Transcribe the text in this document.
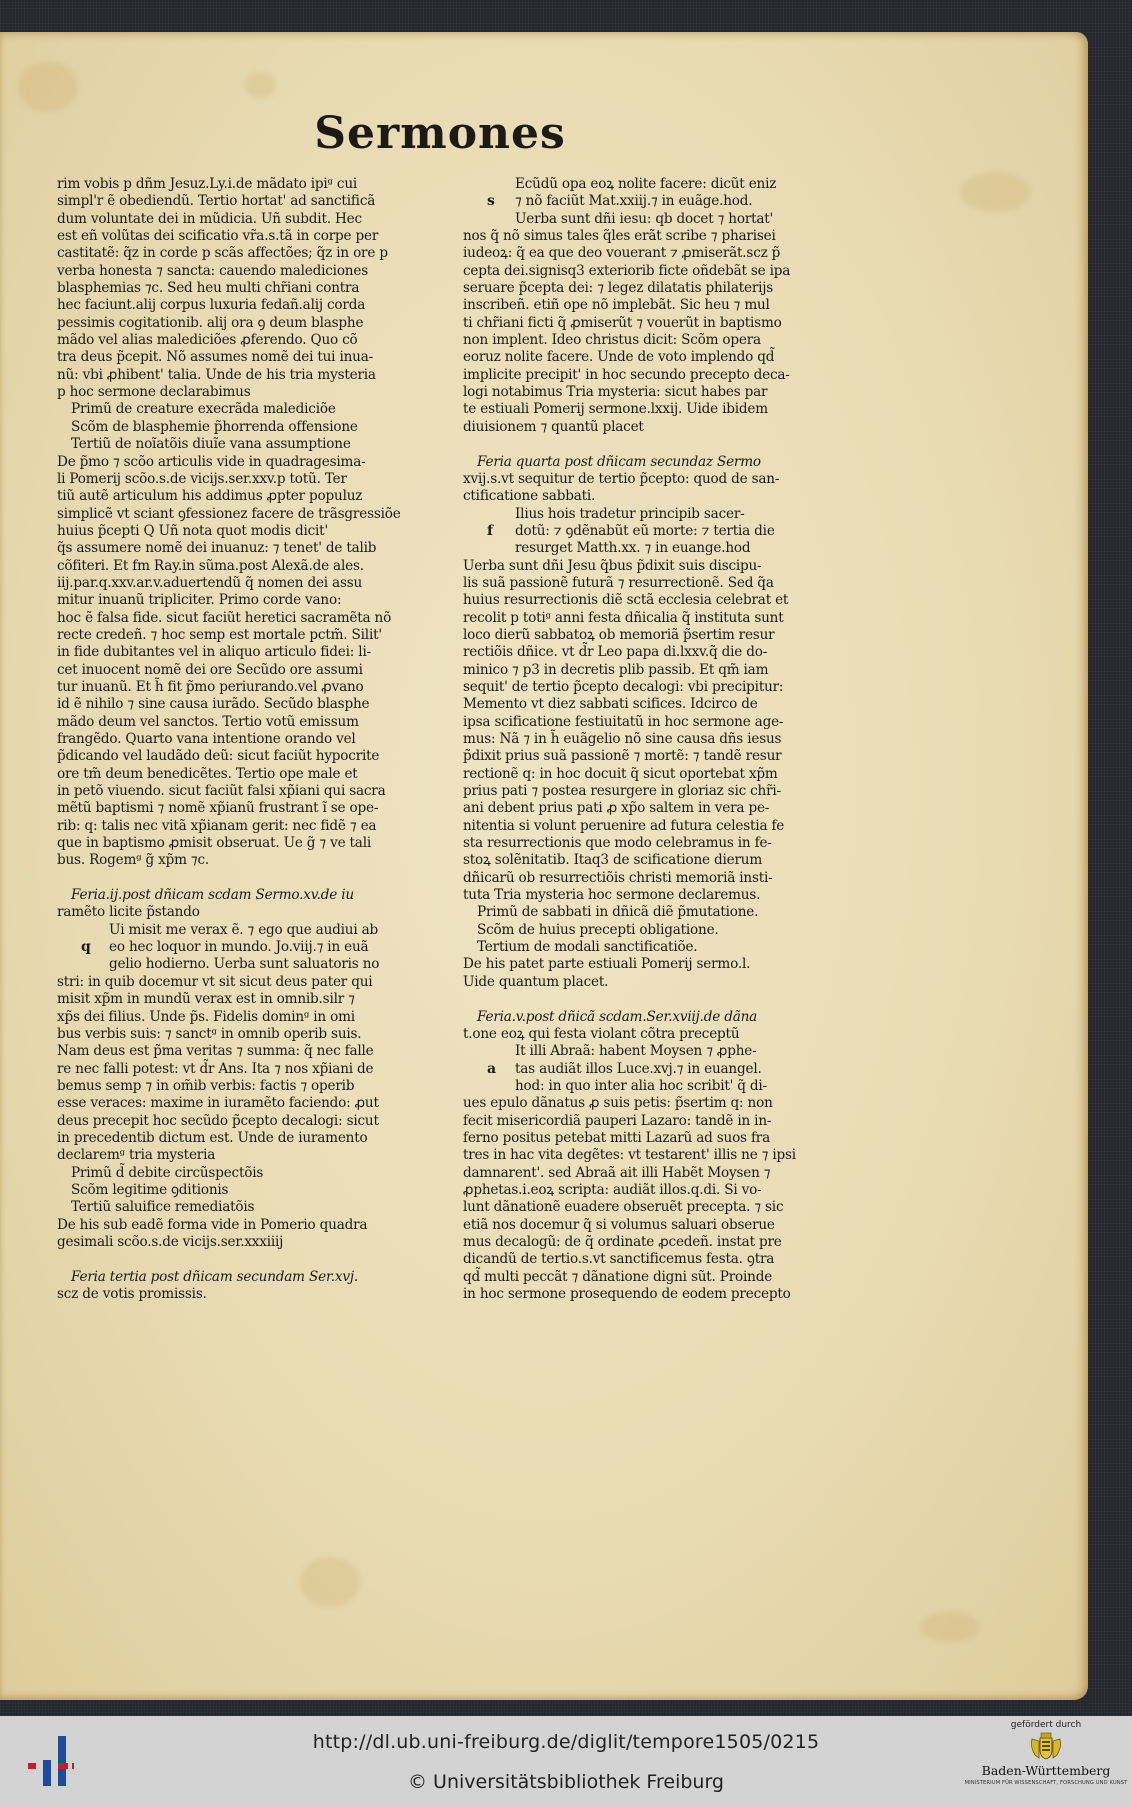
Sermones
rim vobis p dñm Jesuz.Ly.i.de mãdato ipiᵍ cui
simpl'r ẽ obediendũ. Tertio hortat' ad sanctificã
dum voluntate dei in mũdicia. Uñ subdit. Hec
est eñ volũtas dei scificatio vr̃a.s.tã in corpe per
castitatẽ: q̃z in corde p scãs affectões; q̃z in ore p
verba honesta ⁊ sancta: cauendo malediciones
blasphemias ⁊c. Sed heu multi chr̃iani contra
hec faciunt.alij corpus luxuria fedañ.alij corda
pessimis cogitationib. alij ora ꝯ deum blasphe
mãdo vel alias malediciões ꝓferendo. Quo cõ
tra deus p̃cepit. Nõ assumes nomẽ dei tui inua-
nũ: vbi ꝓhibent' talia. Unde de his tria mysteria
p hoc sermone declarabimus
Primũ de creature execrãda malediciõe
Scõm de blasphemie p̃horrenda offensione
Tertiũ de noĩatõis diuĩe vana assumptione
De p̃mo ⁊ scõo articulis vide in quadragesima-
li Pomerij scõo.s.de vicijs.ser.xxv.p totũ. Ter
tiũ autẽ articulum his addimus ꝓpter populuz
simplicẽ vt sciant ꝯfessionez facere de trãsgressiõe
huius p̃cepti Q Uñ nota quot modis dicit'
q̃s assumere nomẽ dei inuanuz: ⁊ tenet' de talib
cõfiteri. Et fm Ray.in sũma.post Alexã.de ales.
iij.par.q.xxv.ar.v.aduertendũ q̃ nomen dei assu
mitur inuanũ tripliciter. Primo corde vano:
hoc ẽ falsa fide. sicut faciũt heretici sacramẽta nõ
recte credeñ. ⁊ hoc semp est mortale pctm̃. Silit'
in fide dubitantes vel in aliquo articulo fidei: li-
cet inuocent nomẽ dei ore Secũdo ore assumi
tur inuanũ. Et h̃ fit p̃mo periurando.vel ꝓvano
id ẽ nihilo ⁊ sine causa iurãdo. Secũdo blasphe
mãdo deum vel sanctos. Tertio votũ emissum
frangẽdo. Quarto vana intentione orando vel
p̃dicando vel laudãdo deũ: sicut faciũt hypocrite
ore tm̃ deum benedicẽtes. Tertio ope male et
in petõ viuendo. sicut faciũt falsi xp̃iani qui sacra
mẽtũ baptismi ⁊ nomẽ xp̃ianũ frustrant ĩ se ope-
rib: q: talis nec vitã xp̃ianam gerit: nec fidẽ ⁊ ea
que in baptismo ꝓmisit obseruat. Ue g̃ ⁊ ve tali
bus. Rogemᵍ g̃ xp̃m ⁊c.
Feria.ij.post dñicam scdam Sermo.xv.de iu
ramẽto licite p̃stando
Ui misit me verax ẽ. ⁊ ego que audiui ab
eo hec loquor in mundo. Jo.viij.⁊ in euã
gelio hodierno. Uerba sunt saluatoris no
stri: in quib docemur vt sit sicut deus pater qui
misit xp̃m in mundũ verax est in omnib.silr ⁊
xp̃s dei filius. Unde p̃s. Fidelis dominᵍ in omi
bus verbis suis: ⁊ sanctᵍ in omnib operib suis.
Nam deus est p̃ma veritas ⁊ summa: q̃ nec falle
re nec falli potest: vt d̃r Ans. Ita ⁊ nos xp̃iani de
bemus semp ⁊ in om̃ib verbis: factis ⁊ operib
esse veraces: maxime in iuramẽto faciendo: ꝓut
deus precepit hoc secũdo p̃cepto decalogi: sicut
in precedentib dictum est. Unde de iuramento
declaremᵍ tria mysteria
Primũ d̃ debite circũspectõis
Scõm legitime ꝯditionis
Tertiũ saluifice remediatõis
De his sub eadẽ forma vide in Pomerio quadra
gesimali scõo.s.de vicijs.ser.xxxiiij
Feria tertia post dñicam secundam Ser.xvj.
scz de votis promissis.
q
Ecũdũ opa eoꝝ nolite facere: dicũt eniz
⁊ nõ faciũt Mat.xxiij.⁊ in euãge.hod.
Uerba sunt dñi iesu: qb docet ⁊ hortat'
nos q̃ nõ simus tales q̃les erãt scribe ⁊ pharisei
iudeoꝝ: q̃ ea que deo vouerant ⁊ ꝓmiserãt.scz p̃
cepta dei.signisq3 exteriorib ficte oñdebãt se ipa
seruare p̃cepta dei: ⁊ legez dilatatis philaterijs
inscribeñ. etiñ ope nõ implebãt. Sic heu ⁊ mul
ti chr̃iani ficti q̃ ꝓmiserũt ⁊ vouerũt in baptismo
non implent. Ideo christus dicit: Scõm opera
eoruz nolite facere. Unde de voto implendo qd̃
implicite precipit' in hoc secundo precepto deca-
logi notabimus Tria mysteria: sicut habes par
te estiuali Pomerij sermone.lxxij. Uide ibidem
diuisionem ⁊ quantũ placet
Feria quarta post dñicam secundaz Sermo
xvij.s.vt sequitur de tertio p̃cepto: quod de san-
ctificatione sabbati.
Ilius hois tradetur principib sacer-
dotũ: ⁊ ꝯdẽnabũt eũ morte: ⁊ tertia die
resurget Matth.xx. ⁊ in euange.hod
Uerba sunt dñi Jesu q̃bus p̃dixit suis discipu-
lis suã passionẽ futurã ⁊ resurrectionẽ. Sed q̃a
huius resurrectionis diẽ sctã ecclesia celebrat et
recolit p totiᵍ anni festa dñicalia q̃ instituta sunt
loco dierũ sabbatoꝝ ob memoriã p̃sertim resur
rectiõis dñice. vt d̃r Leo papa di.lxxv.q̃ die do-
minico ⁊ p3 in decretis plib passib. Et qm̃ iam
sequit' de tertio p̃cepto decalogi: vbi precipitur:
Memento vt diez sabbati scifices. Idcirco de
ipsa scificatione festiuitatũ in hoc sermone age-
mus: Nã ⁊ in h̃ euãgelio nõ sine causa dñs iesus
p̃dixit prius suã passionẽ ⁊ mortẽ: ⁊ tandẽ resur
rectionẽ q: in hoc docuit q̃ sicut oportebat xp̃m
prius pati ⁊ postea resurgere in gloriaz sic chr̃i-
ani debent prius pati ꝓ xp̃o saltem in vera pe-
nitentia si volunt peruenire ad futura celestia fe
sta resurrectionis que modo celebramus in fe-
stoꝝ solẽnitatib. Itaq3 de scificatione dierum
dñicarũ ob resurrectiõis christi memoriã insti-
tuta Tria mysteria hoc sermone declaremus.
Primũ de sabbati in dñicã diẽ p̃mutatione.
Scõm de huius precepti obligatione.
Tertium de modali sanctificatiõe.
De his patet parte estiuali Pomerij sermo.l.
Uide quantum placet.
Feria.v.post dñicã scdam.Ser.xviij.de dãna
t.one eoꝝ qui festa violant cõtra preceptũ
It illi Abraã: habent Moysen ⁊ ꝓphe-
tas audiãt illos Luce.xvj.⁊ in euangel.
hod: in quo inter alia hoc scribit' q̃ di-
ues epulo dãnatus ꝓ suis petis: p̃sertim q: non
fecit misericordiã pauperi Lazaro: tandẽ in in-
ferno positus petebat mitti Lazarũ ad suos fra
tres in hac vita degẽtes: vt testarent' illis ne ⁊ ipsi
damnarent'. sed Abraã ait illi Habẽt Moysen ⁊
ꝓphetas.i.eoꝝ scripta: audiãt illos.q.di. Si vo-
lunt dãnationẽ euadere obseruẽt precepta. ⁊ sic
etiã nos docemur q̃ si volumus saluari obserue
mus decalogũ: de q̃ ordinate ꝓcedeñ. instat pre
dicandũ de tertio.s.vt sanctificemus festa. ꝯtra
qd̃ multi peccãt ⁊ dãnatione digni sũt. Proinde
in hoc sermone prosequendo de eodem precepto
s
f
a
http://dl.ub.uni-freiburg.de/diglit/tempore1505/0215
© Universitätsbibliothek Freiburg
gefördert durch
Baden-Württemberg
MINISTERIUM FÜR WISSENSCHAFT, FORSCHUNG UND KUNST
